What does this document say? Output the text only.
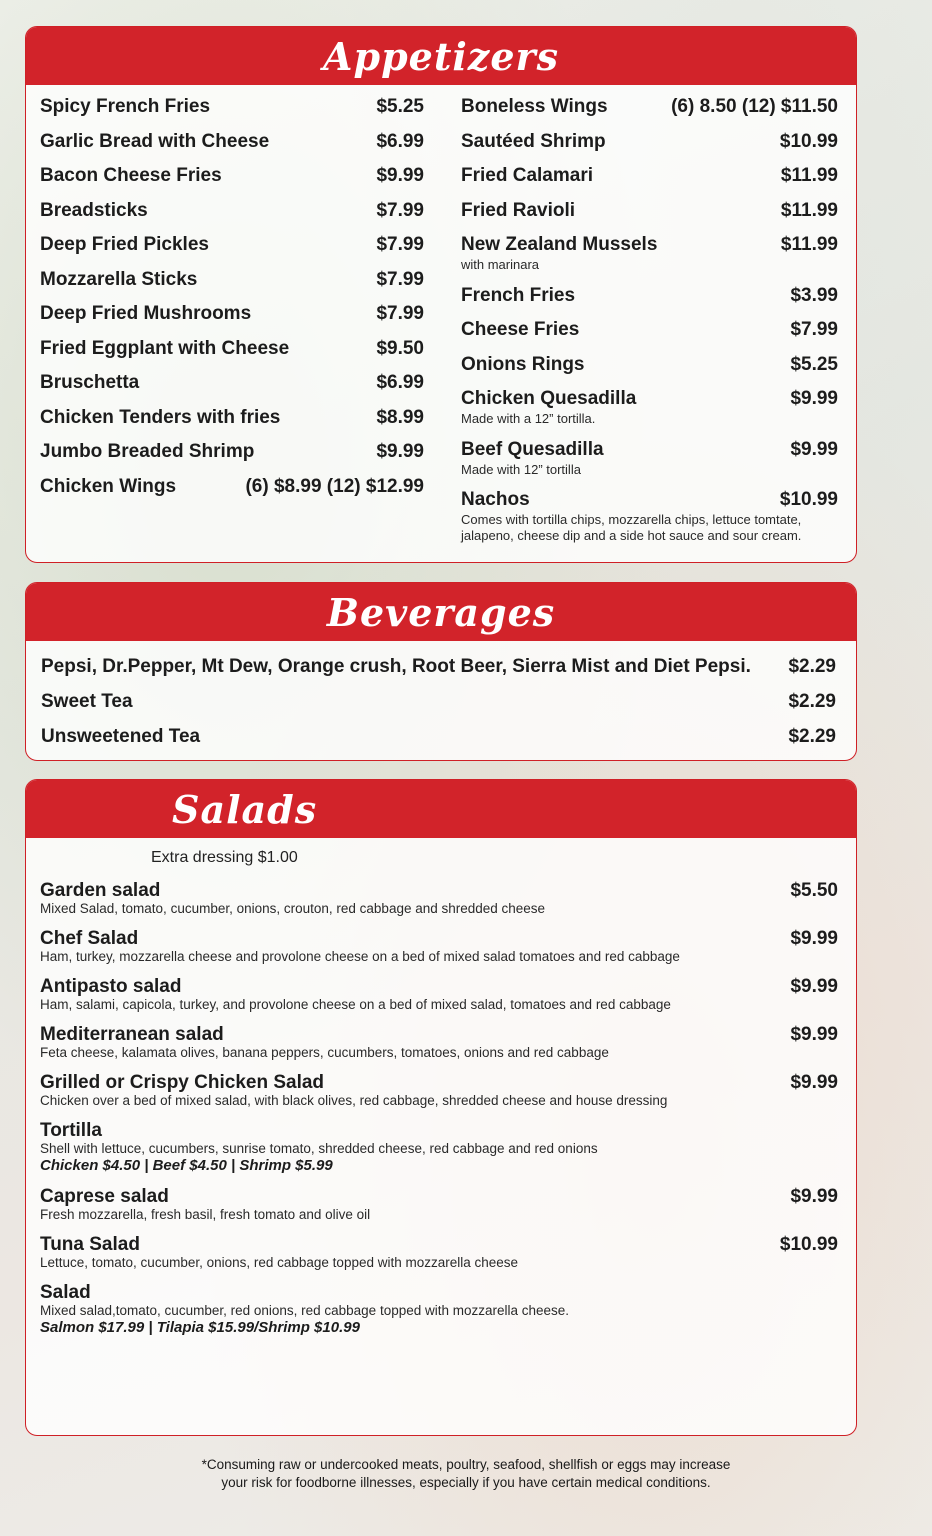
Appetizers
Spicy French Fries	$5.25
Garlic Bread with Cheese	$6.99
Bacon Cheese Fries	$9.99
Breadsticks	$7.99
Deep Fried Pickles	$7.99
Mozzarella Sticks	$7.99
Deep Fried Mushrooms	$7.99
Fried Eggplant with Cheese	$9.50
Bruschetta	$6.99
Chicken Tenders with fries	$8.99
Jumbo Breaded Shrimp	$9.99
Chicken Wings	(6) $8.99 (12) $12.99
Boneless Wings	(6) 8.50 (12) $11.50
Sautéed Shrimp	$10.99
Fried Calamari	$11.99
Fried Ravioli	$11.99
New Zealand Mussels	$11.99
with marinara
French Fries	$3.99
Cheese Fries	$7.99
Onions Rings	$5.25
Chicken Quesadilla	$9.99
Made with a 12” tortilla.
Beef Quesadilla	$9.99
Made with 12” tortilla
Nachos	$10.99
Comes with tortilla chips, mozzarella chips, lettuce tomtate, jalapeno, cheese dip and a side hot sauce and sour cream.
Beverages
Pepsi, Dr.Pepper, Mt Dew, Orange crush, Root Beer, Sierra Mist and Diet Pepsi. $2.29
Sweet Tea	$2.29
Unsweetened Tea	$2.29
Salads
Extra dressing $1.00
Garden salad	$5.50
Mixed Salad, tomato, cucumber, onions, crouton, red cabbage and shredded cheese
Chef Salad	$9.99
Ham, turkey, mozzarella cheese and provolone cheese on a bed of mixed salad tomatoes and red cabbage
Antipasto salad	$9.99
Ham, salami, capicola, turkey, and provolone cheese on a bed of mixed salad, tomatoes and red cabbage
Mediterranean salad	$9.99
Feta cheese, kalamata olives, banana peppers, cucumbers, tomatoes, onions and red cabbage
Grilled or Crispy Chicken Salad	$9.99
Chicken over a bed of mixed salad, with black olives, red cabbage, shredded cheese and house dressing
Tortilla
Shell with lettuce, cucumbers, sunrise tomato, shredded cheese, red cabbage and red onions
Chicken $4.50 | Beef $4.50 | Shrimp $5.99
Caprese salad	$9.99
Fresh mozzarella, fresh basil, fresh tomato and olive oil
Tuna Salad	$10.99
Lettuce, tomato, cucumber, onions, red cabbage topped with mozzarella cheese
Salad
Mixed salad,tomato, cucumber, red onions, red cabbage topped with mozzarella cheese.
Salmon $17.99 | Tilapia $15.99/Shrimp $10.99
*Consuming raw or undercooked meats, poultry, seafood, shellfish or eggs may increase
your risk for foodborne illnesses, especially if you have certain medical conditions.
